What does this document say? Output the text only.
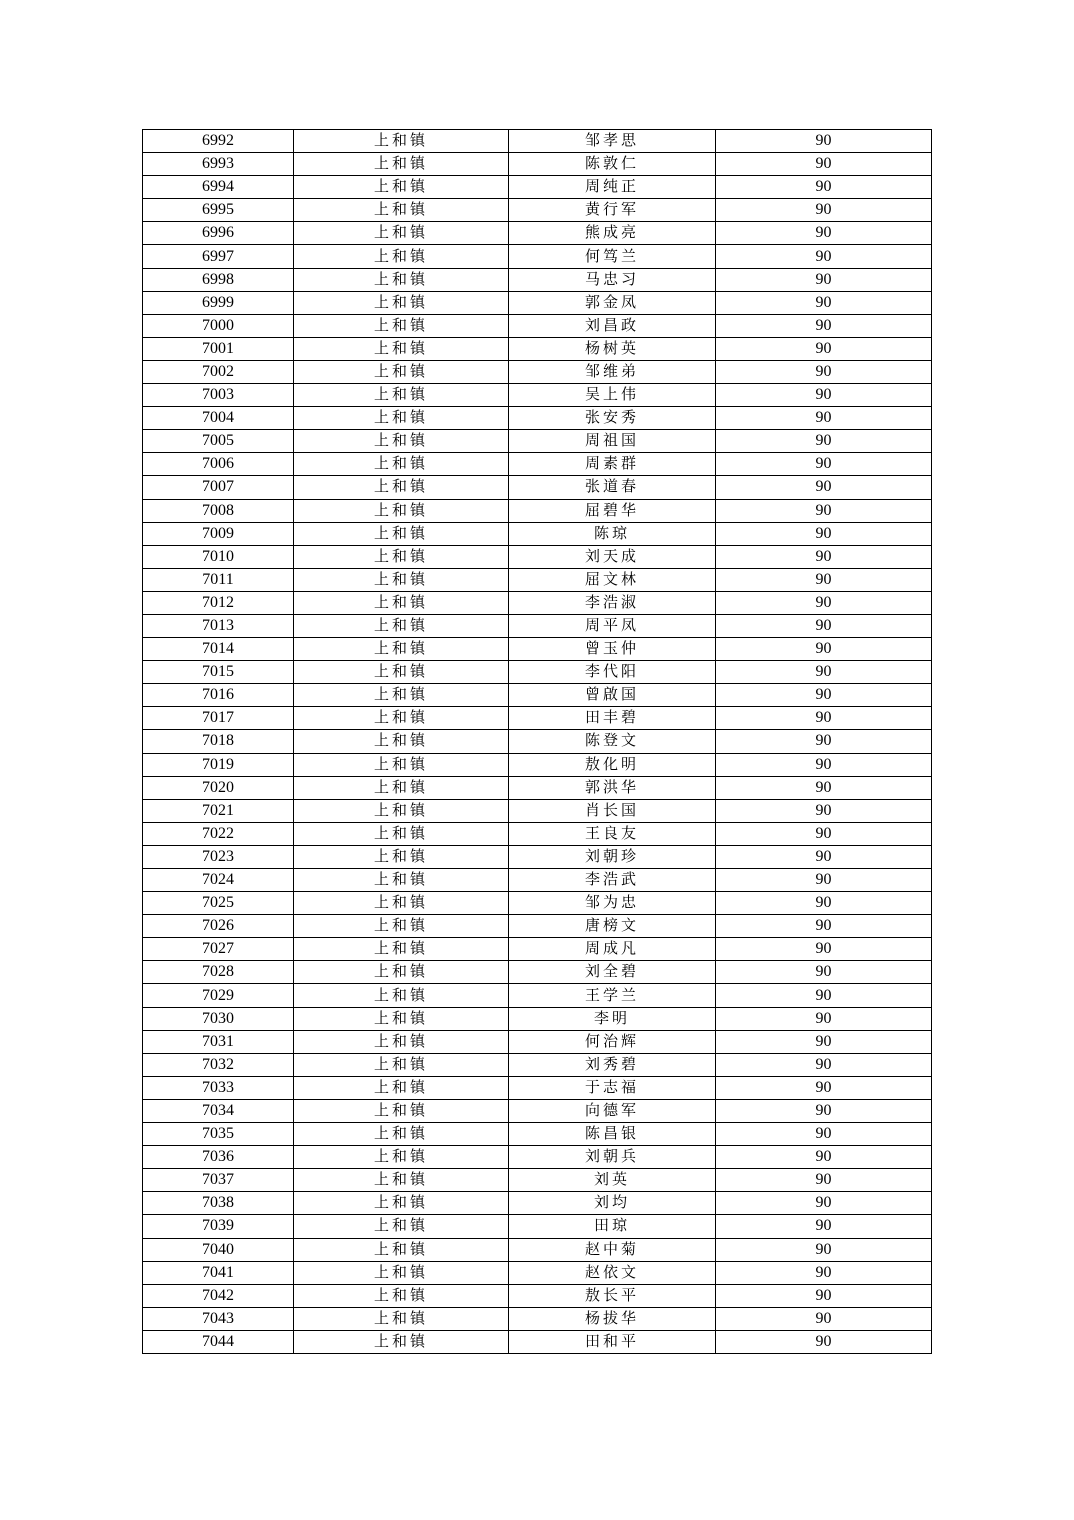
6992	上和镇	邹孝思	90
6993	上和镇	陈敦仁	90
6994	上和镇	周纯正	90
6995	上和镇	黄行军	90
6996	上和镇	熊成亮	90
6997	上和镇	何笃兰	90
6998	上和镇	马忠习	90
6999	上和镇	郭金凤	90
7000	上和镇	刘昌政	90
7001	上和镇	杨树英	90
7002	上和镇	邹维弟	90
7003	上和镇	吴上伟	90
7004	上和镇	张安秀	90
7005	上和镇	周祖国	90
7006	上和镇	周素群	90
7007	上和镇	张道春	90
7008	上和镇	屈碧华	90
7009	上和镇	陈琼	90
7010	上和镇	刘天成	90
7011	上和镇	屈文林	90
7012	上和镇	李浩淑	90
7013	上和镇	周平凤	90
7014	上和镇	曾玉仲	90
7015	上和镇	李代阳	90
7016	上和镇	曾啟国	90
7017	上和镇	田丰碧	90
7018	上和镇	陈登文	90
7019	上和镇	敖化明	90
7020	上和镇	郭洪华	90
7021	上和镇	肖长国	90
7022	上和镇	王良友	90
7023	上和镇	刘朝珍	90
7024	上和镇	李浩武	90
7025	上和镇	邹为忠	90
7026	上和镇	唐榜文	90
7027	上和镇	周成凡	90
7028	上和镇	刘全碧	90
7029	上和镇	王学兰	90
7030	上和镇	李明	90
7031	上和镇	何治辉	90
7032	上和镇	刘秀碧	90
7033	上和镇	于志福	90
7034	上和镇	向德军	90
7035	上和镇	陈昌银	90
7036	上和镇	刘朝兵	90
7037	上和镇	刘英	90
7038	上和镇	刘均	90
7039	上和镇	田琼	90
7040	上和镇	赵中菊	90
7041	上和镇	赵依文	90
7042	上和镇	敖长平	90
7043	上和镇	杨拔华	90
7044	上和镇	田和平	90
